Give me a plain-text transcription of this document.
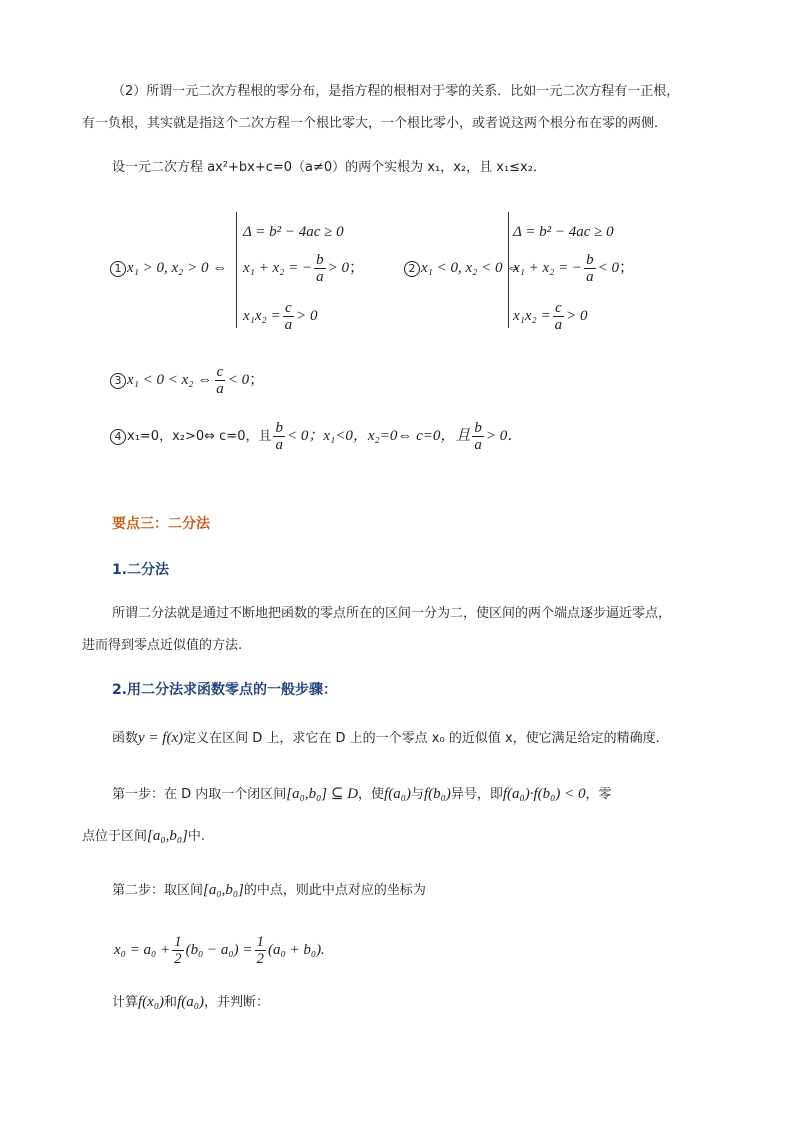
（2）所谓一元二次方程根的零分布，是指方程的根相对于零的关系．比如一元二次方程有一正根，
有一负根，其实就是指这个二次方程一个根比零大，一个根比零小，或者说这两个根分布在零的两侧．
设一元二次方程 ax²+bx+c=0（a≠0）的两个实根为 x₁，x₂，且 x₁≤x₂．
1 x₁ > 0, x₂ > 0 ⇔
Δ = b² − 4ac ≥ 0
x₁ + x₂ = − $\frac{b}{a} > 0$；
$x_1x_2 = \frac{c}{a} > 0$
2 x₁ < 0, x₂ < 0 ⇔
Δ = b² − 4ac ≥ 0
x₁ + x₂ = − $\frac{b}{a} < 0$；
$x_1x_2 = \frac{c}{a} > 0$
3 x₁ < 0 < x₂ ⇔ $\frac{c}{a} < 0$；
4 x₁=0，x₂>0⇔ c=0，且 $\frac{b}{a} < 0$；x₁<0，x₂=0⇔ c=0，且 $\frac{b}{a} > 0$．
要点三：二分法
1.二分法
所谓二分法就是通过不断地把函数的零点所在的区间一分为二，使区间的两个端点逐步逼近零点，
进而得到零点近似值的方法.
2.用二分法求函数零点的一般步骤：
函数y = f(x)定义在区间 D 上，求它在 D 上的一个零点 x₀ 的近似值 x，使它满足给定的精确度.
第一步：在 D 内取一个闭区间[a₀,b₀] ⊆ D，使f(a₀)与f(b₀)异号，即f(a₀)·f(b₀) < 0，零
点位于区间[a₀,b₀]中.
第二步：取区间[a₀,b₀]的中点，则此中点对应的坐标为
$x_0 = a_0 + \frac{1}{2} (b_0 - a_0) = \frac{1}{2} (a_0 + b_0)$.
计算f(x₀)和f(a₀)，并判断：
